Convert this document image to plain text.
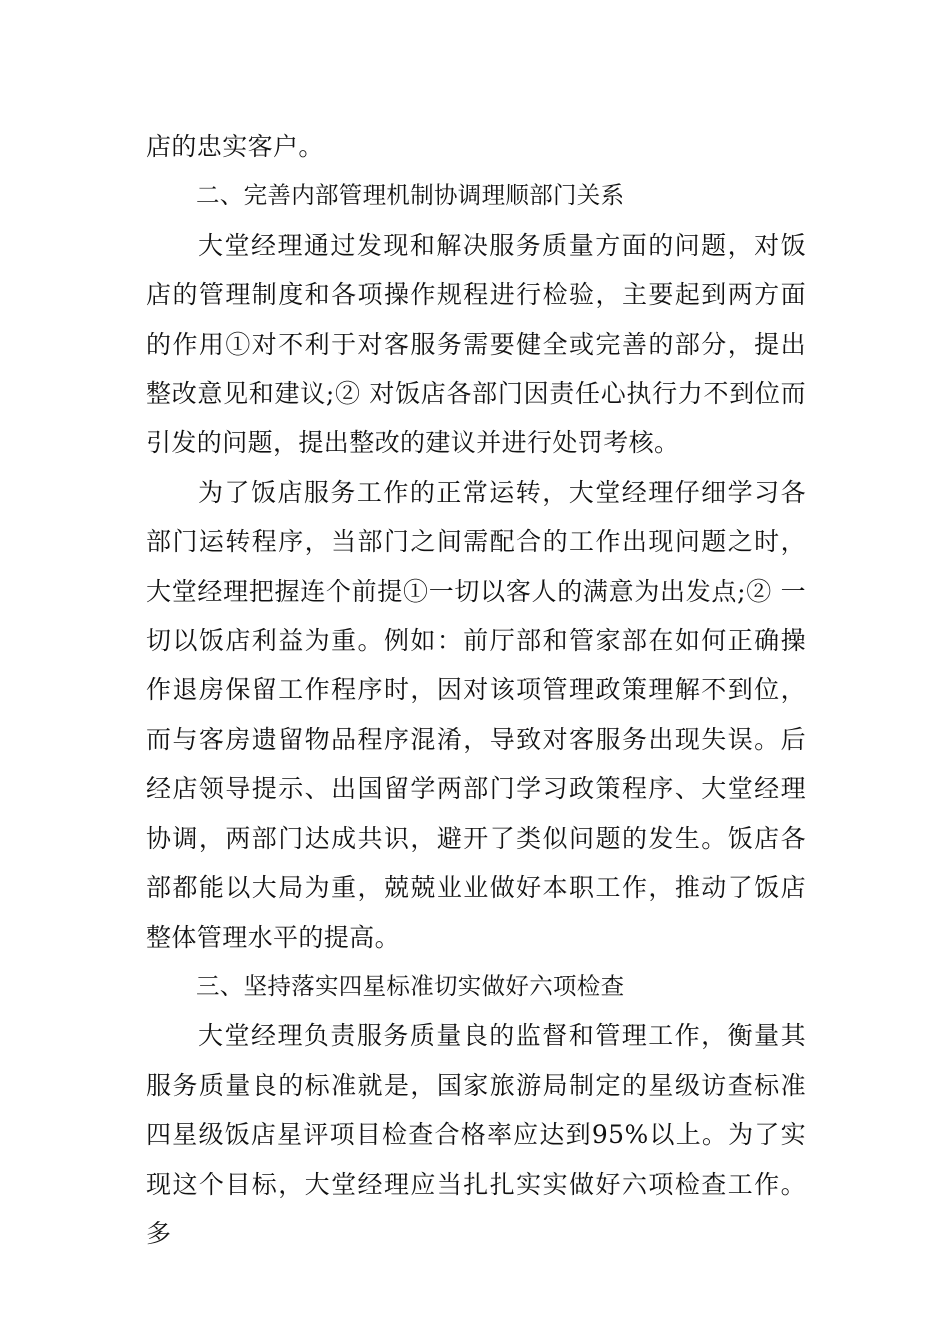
店的忠实客户。

二、完善内部管理机制协调理顺部门关系

大堂经理通过发现和解决服务质量方面的问题，对饭店的管理制度和各项操作规程进行检验，主要起到两方面的作用①对不利于对客服务需要健全或完善的部分，提出整改意见和建议;② 对饭店各部门因责任心执行力不到位而引发的问题，提出整改的建议并进行处罚考核。

为了饭店服务工作的正常运转，大堂经理仔细学习各部门运转程序，当部门之间需配合的工作出现问题之时，大堂经理把握连个前提①一切以客人的满意为出发点;② 一切以饭店利益为重。例如：前厅部和管家部在如何正确操作退房保留工作程序时，因对该项管理政策理解不到位，而与客房遗留物品程序混淆，导致对客服务出现失误。后经店领导提示、出国留学两部门学习政策程序、大堂经理协调，两部门达成共识，避开了类似问题的发生。饭店各部都能以大局为重，兢兢业业做好本职工作，推动了饭店整体管理水平的提高。

三、坚持落实四星标准切实做好六项检查

大堂经理负责服务质量良的监督和管理工作，衡量其服务质量良的标准就是，国家旅游局制定的星级访查标准四星级饭店星评项目检查合格率应达到95%以上。为了实现这个目标，大堂经理应当扎扎实实做好六项检查工作。多
